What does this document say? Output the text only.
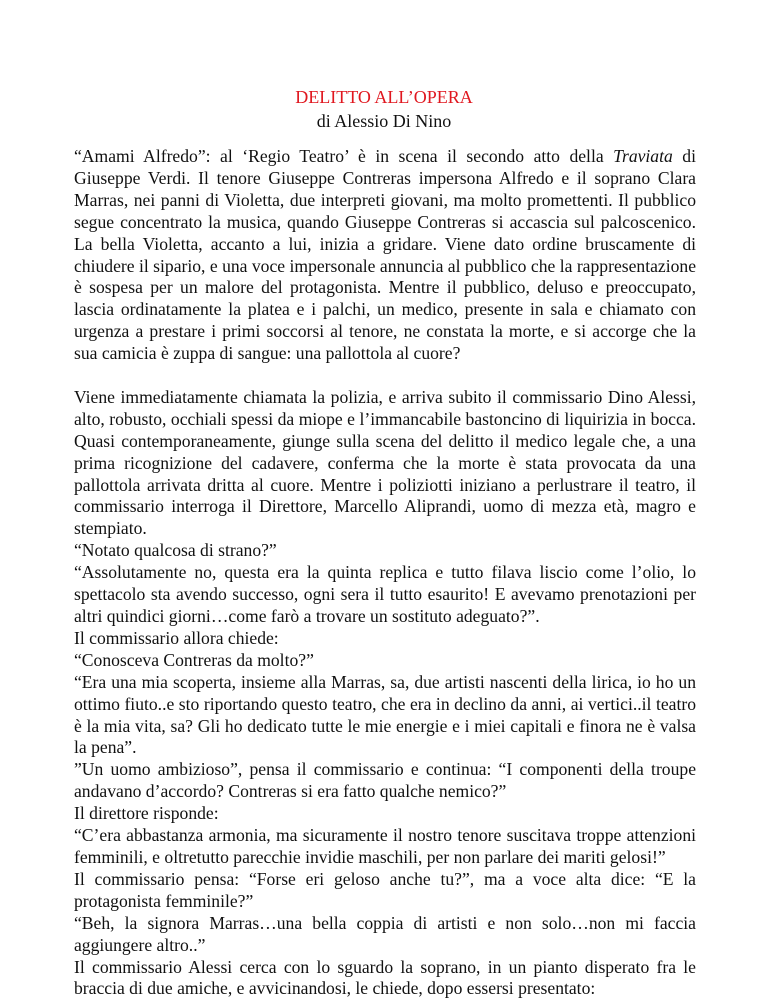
DELITTO ALL’OPERA
di Alessio Di Nino

“Amami Alfredo”: al ‘Regio Teatro’ è in scena il secondo atto della Traviata di Giuseppe Verdi. Il tenore Giuseppe Contreras impersona Alfredo e il soprano Clara Marras, nei panni di Violetta, due interpreti giovani, ma molto promettenti. Il pubblico segue concentrato la musica, quando Giuseppe Contreras si accascia sul palcoscenico. La bella Violetta, accanto a lui, inizia a gridare. Viene dato ordine bruscamente di chiudere il sipario, e una voce impersonale annuncia al pubblico che la rappresentazione è sospesa per un malore del protagonista. Mentre il pubblico, deluso e preoccupato, lascia ordinatamente la platea e i palchi, un medico, presente in sala e chiamato con urgenza a prestare i primi soccorsi al tenore, ne constata la morte, e si accorge che la sua camicia è zuppa di sangue: una pallottola al cuore?

Viene immediatamente chiamata la polizia, e arriva subito il commissario Dino Alessi, alto, robusto, occhiali spessi da miope e l’immancabile bastoncino di liquirizia in bocca. Quasi contemporaneamente, giunge sulla scena del delitto il medico legale che, a una prima ricognizione del cadavere, conferma che la morte è stata provocata da una pallottola arrivata dritta al cuore. Mentre i poliziotti iniziano a perlustrare il teatro, il commissario interroga il Direttore, Marcello Aliprandi, uomo di mezza età, magro e stempiato.

“Notato qualcosa di strano?”

“Assolutamente no, questa era la quinta replica e tutto filava liscio come l’olio, lo spettacolo sta avendo successo, ogni sera il tutto esaurito! E avevamo prenotazioni per altri quindici giorni…come farò a trovare un sostituto adeguato?”.

Il commissario allora chiede:

“Conosceva Contreras da molto?”

“Era una mia scoperta, insieme alla Marras, sa, due artisti nascenti della lirica, io ho un ottimo fiuto..e sto riportando questo teatro, che era in declino da anni, ai vertici..il teatro è la mia vita, sa? Gli ho dedicato tutte le mie energie e i miei capitali e finora ne è valsa la pena”.

”Un uomo ambizioso”, pensa il commissario e continua: “I componenti della troupe andavano d’accordo? Contreras si era fatto qualche nemico?”

Il direttore risponde:

“C’era abbastanza armonia, ma sicuramente il nostro tenore suscitava troppe attenzioni femminili, e oltretutto parecchie invidie maschili, per non parlare dei mariti gelosi!”

Il commissario pensa: “Forse eri geloso anche tu?”, ma a voce alta dice: “E la protagonista femminile?”

“Beh, la signora Marras…una bella coppia di artisti e non solo…non mi faccia aggiungere altro..”

Il commissario Alessi cerca con lo sguardo la soprano, in un pianto disperato fra le braccia di due amiche, e avvicinandosi, le chiede, dopo essersi presentato:
